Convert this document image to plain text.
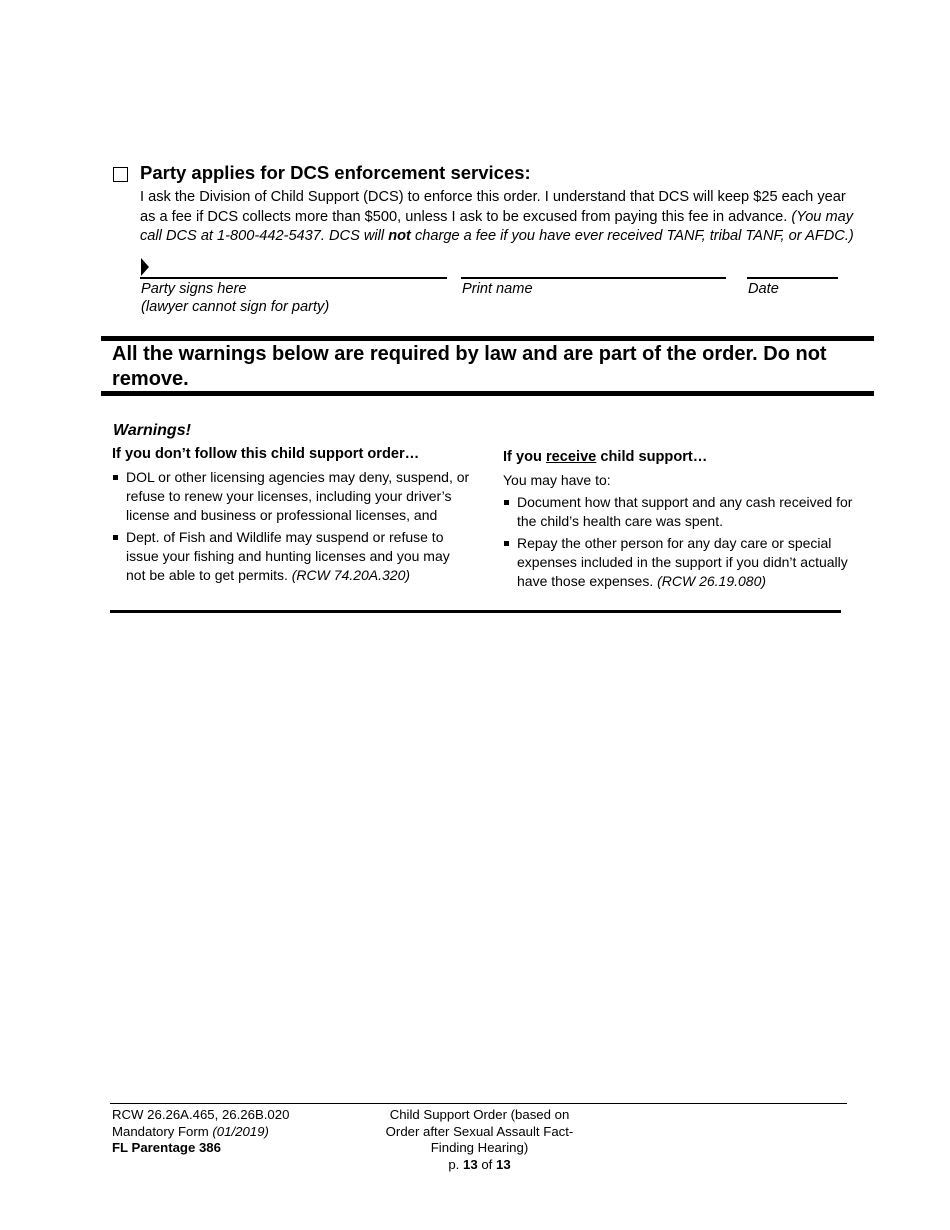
Party applies for DCS enforcement services:

I ask the Division of Child Support (DCS) to enforce this order. I understand that DCS will keep $25 each year

as a fee if DCS collects more than $500, unless I ask to be excused from paying this fee in advance. (You may

call DCS at 1-800-442-5437. DCS will not charge a fee if you have ever received TANF, tribal TANF, or AFDC.)

Party signs here
(lawyer cannot sign for party)
Print name	Date
All the warnings below are required by law and are part of the order. Do not remove.
Warnings!
If you don’t follow this child support order…
DOL or other licensing agencies may deny, suspend, or
refuse to renew your licenses, including your driver’s
license and business or professional licenses, and
Dept. of Fish and Wildlife may suspend or refuse to
issue your fishing and hunting licenses and you may
not be able to get permits. (RCW 74.20A.320)
If you receive child support…
You may have to:
Document how that support and any cash received for
the child’s health care was spent.
Repay the other person for any day care or special
expenses included in the support if you didn’t actually
have those expenses. (RCW 26.19.080)
RCW 26.26A.465, 26.26B.020
Mandatory Form (01/2019)
FL Parentage 386
Child Support Order (based on
Order after Sexual Assault Fact-
Finding Hearing)
p. 13 of 13
